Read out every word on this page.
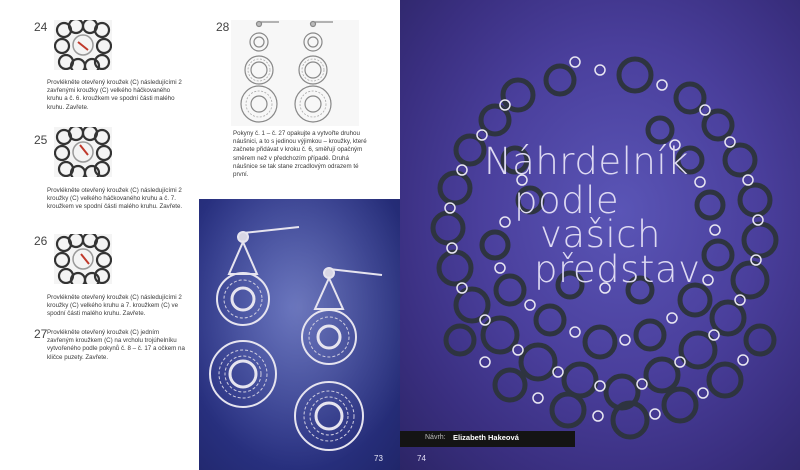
24
Provlékněte otevřený kroužek (C) následujícími 2 zavřenými kroužky (C) velkého háčkovaného kruhu a č. 6. kroužkem ve spodní části malého kruhu. Zavřete.
25
Provlékněte otevřený kroužek (C) následujícími 2 kroužky (C) velkého háčkovaného kruhu a č. 7. kroužkem ve spodní části malého kruhu. Zavřete.
26
Provlékněte otevřený kroužek (C) následujícími 2 kroužky (C) velkého kruhu a 7. kroužkem (C) ve spodní části malého kruhu. Zavřete.
27 Provlékněte otevřený kroužek (C) jedním zavřeným kroužkem (C) na vrcholu trojúhelníku vytvořeného podle pokynů č. 8 – č. 17 a očkem na kličce puzety. Zavřete.
28
Pokyny č. 1 – č. 27 opakujte a vytvořte druhou náušnici, a to s jedinou výjimkou – kroužky, které začnete přidávat v kroku č. 6, směřují opačným směrem než v předchozím případě. Druhá náušnice se tak stane zrcadlovým odrazem té první.
73
Náhrdelník
podle
vašich
představ
Návrh: Elizabeth Hakeová
74
